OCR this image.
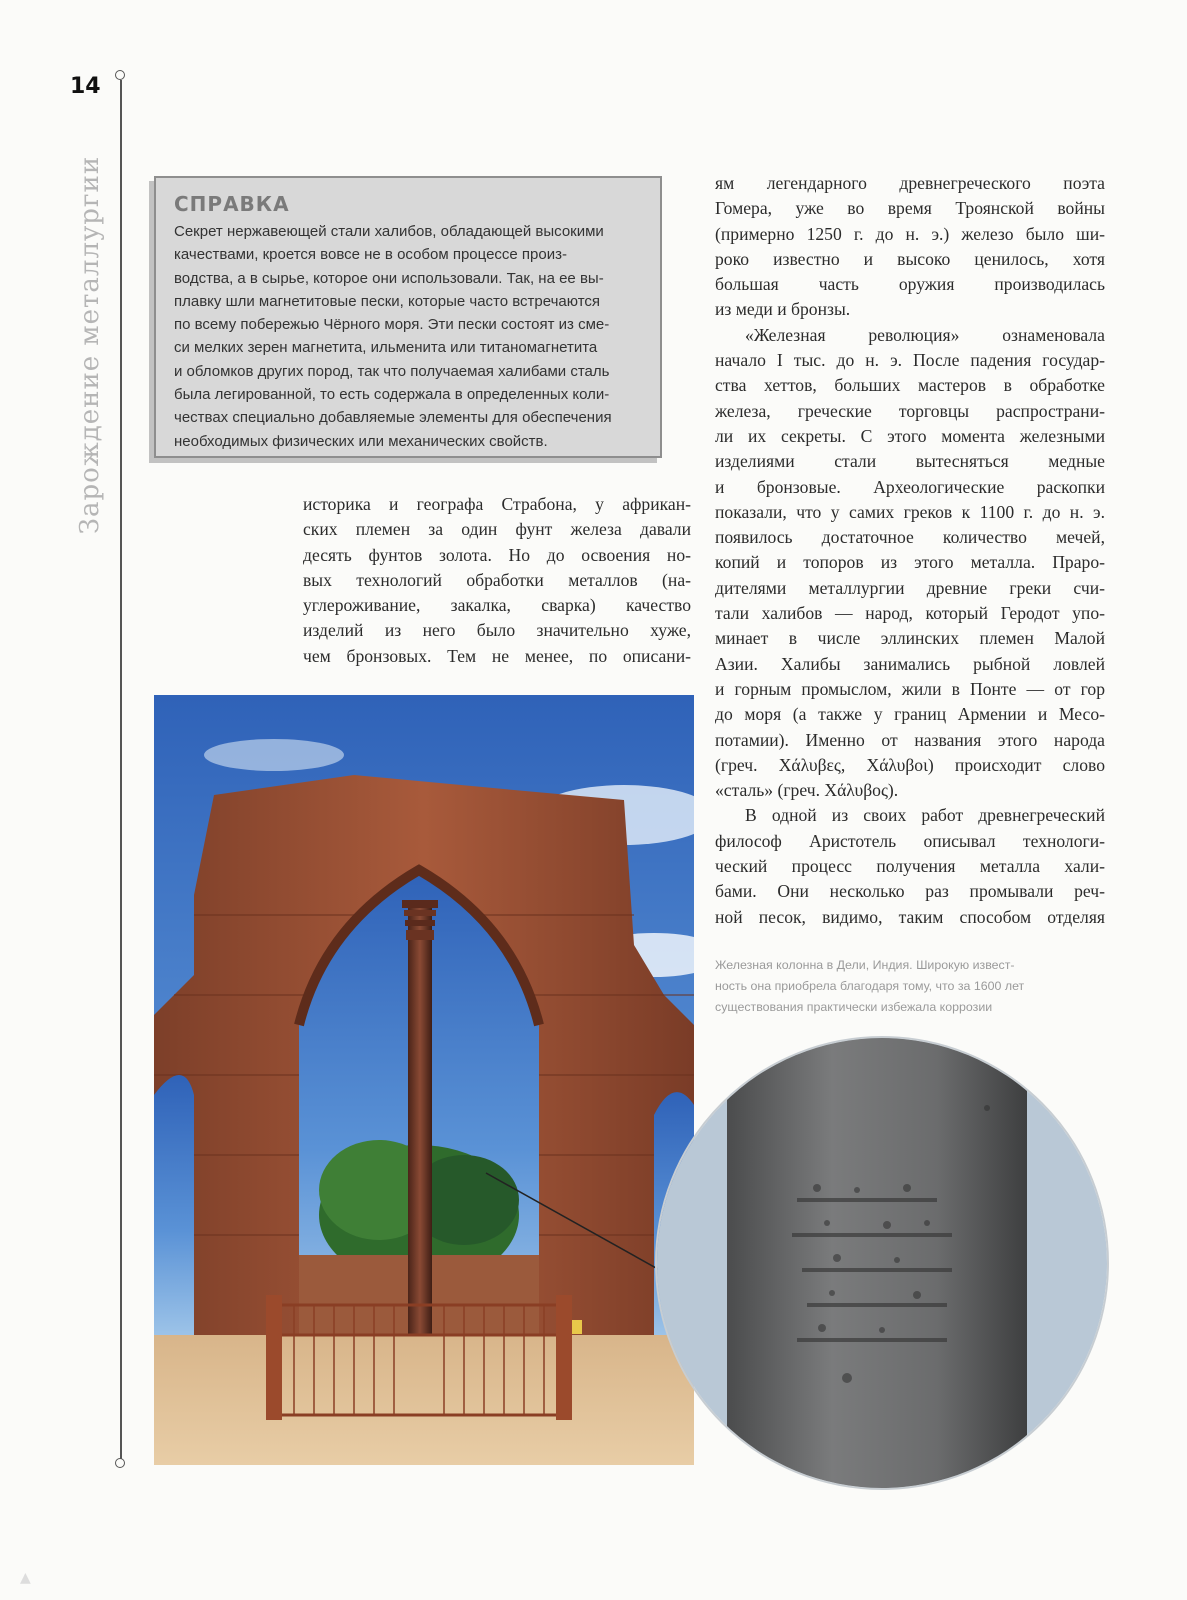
14
Зарождение металлургии	СПРАВКА
Секрет нержавеющей стали халибов, обладающей высокими
качествами, кроется вовсе не в особом процессе произ-
водства, а в сырье, которое они использовали. Так, на ее вы-
плавку шли магнетитовые пески, которые часто встречаются
по всему побережью Чёрного моря. Эти пески состоят из сме-
си мелких зерен магнетита, ильменита или титаномагнетита
и обломков других пород, так что получаемая халибами сталь
была легированной, то есть содержала в определенных коли-
чествах специально добавляемые элементы для обеспечения
необходимых физических или механических свойств.
историка и географа Страбона, у африкан-
ских племен за один фунт железа давали
десять фунтов золота. Но до освоения но-
вых технологий обработки металлов (на-
углероживание, закалка, сварка) качество
изделий из него было значительно хуже,
чем бронзовых. Тем не менее, по описани-
ям легендарного древнегреческого поэта
Гомера, уже во время Троянской войны
(примерно 1250 г. до н. э.) железо было ши-
роко известно и высоко ценилось, хотя
большая часть оружия производилась
из меди и бронзы.
«Железная революция» ознаменовала
начало I тыс. до н. э. После падения государ-
ства хеттов, больших мастеров в обработке
железа, греческие торговцы распространи-
ли их секреты. С этого момента железными
изделиями стали вытесняться медные
и бронзовые. Археологические раскопки
показали, что у самих греков к 1100 г. до н. э.
появилось достаточное количество мечей,
копий и топоров из этого металла. Прaро-
дителями металлургии древние греки счи-
тали халибов — народ, который Геродот упо-
минает в числе эллинских племен Малой
Азии. Халибы занимались рыбной ловлей
и горным промыслом, жили в Понте — от гор
до моря (а также у границ Армении и Месо-
потамии). Именно от названия этого народа
(греч. Χάλυβες, Χάλυβοι) происходит слово
«сталь» (греч. Χάλυβος).
В одной из своих работ древнегреческий
философ Аристотель описывал технологи-
ческий процесс получения металла хали-
бами. Они несколько раз промывали реч-
ной песок, видимо, таким способом отделяя
Железная колонна в Дели, Индия. Широкую извест-
ность она приобрела благодаря тому, что за 1600 лет
существования практически избежала коррозии
▲
